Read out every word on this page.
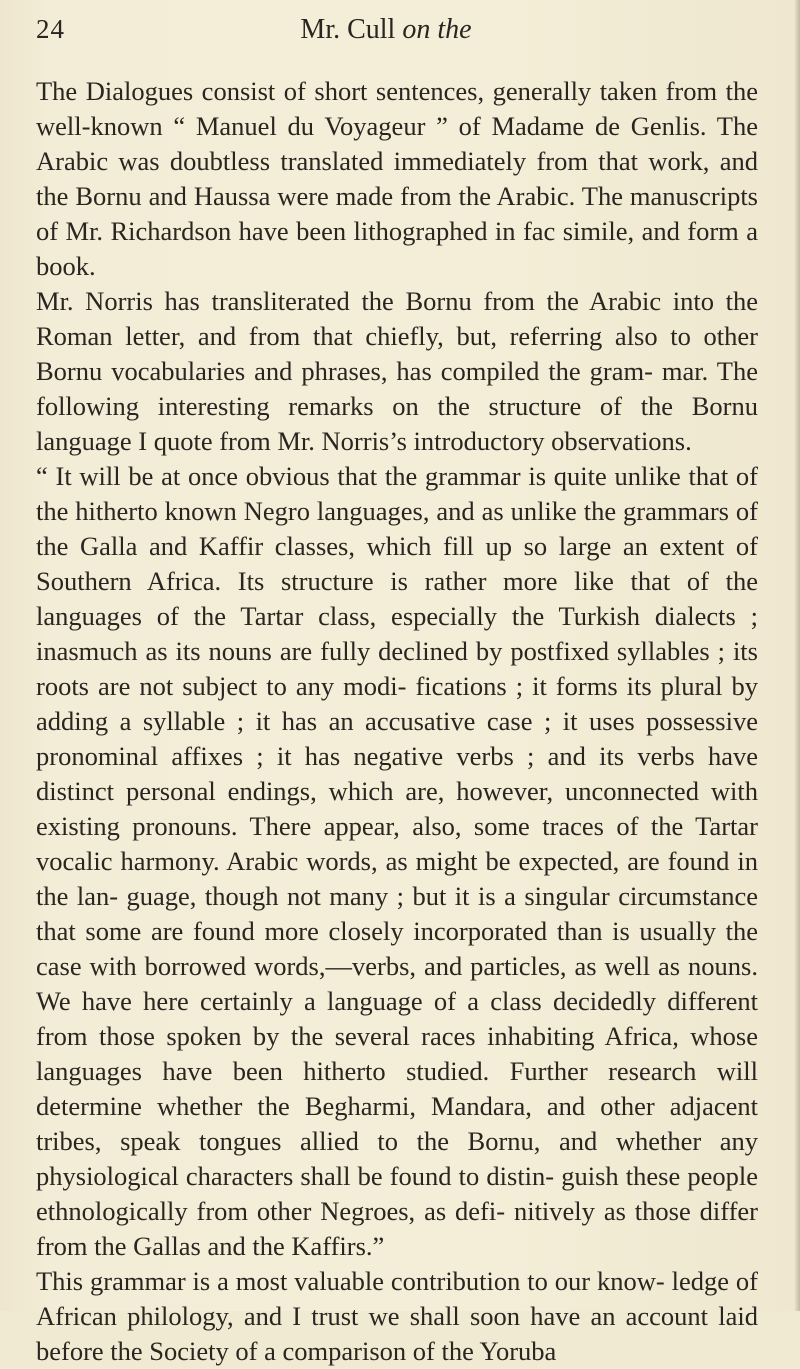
24	Mr. Cull on the

The Dialogues consist of short sentences, generally taken from the well-known “ Manuel du Voyageur ” of Madame de Genlis. The Arabic was doubtless translated immediately from that work, and the Bornu and Haussa were made from the Arabic. The manuscripts of Mr. Richardson have been lithographed in fac simile, and form a book.

Mr. Norris has transliterated the Bornu from the Arabic into the Roman letter, and from that chiefly, but, referring also to other Bornu vocabularies and phrases, has compiled the gram- mar. The following interesting remarks on the structure of the Bornu language I quote from Mr. Norris’s introductory observations.

“ It will be at once obvious that the grammar is quite unlike that of the hitherto known Negro languages, and as unlike the grammars of the Galla and Kaffir classes, which fill up so large an extent of Southern Africa. Its structure is rather more like that of the languages of the Tartar class, especially the Turkish dialects ; inasmuch as its nouns are fully declined by postfixed syllables ; its roots are not subject to any modi- fications ; it forms its plural by adding a syllable ; it has an accusative case ; it uses possessive pronominal affixes ; it has negative verbs ; and its verbs have distinct personal endings, which are, however, unconnected with existing pronouns. There appear, also, some traces of the Tartar vocalic harmony. Arabic words, as might be expected, are found in the lan- guage, though not many ; but it is a singular circumstance that some are found more closely incorporated than is usually the case with borrowed words,—verbs, and particles, as well as nouns. We have here certainly a language of a class decidedly different from those spoken by the several races inhabiting Africa, whose languages have been hitherto studied. Further research will determine whether the Begharmi, Mandara, and other adjacent tribes, speak tongues allied to the Bornu, and whether any physiological characters shall be found to distin- guish these people ethnologically from other Negroes, as defi- nitively as those differ from the Gallas and the Kaffirs.”

This grammar is a most valuable contribution to our know- ledge of African philology, and I trust we shall soon have an account laid before the Society of a comparison of the Yoruba
